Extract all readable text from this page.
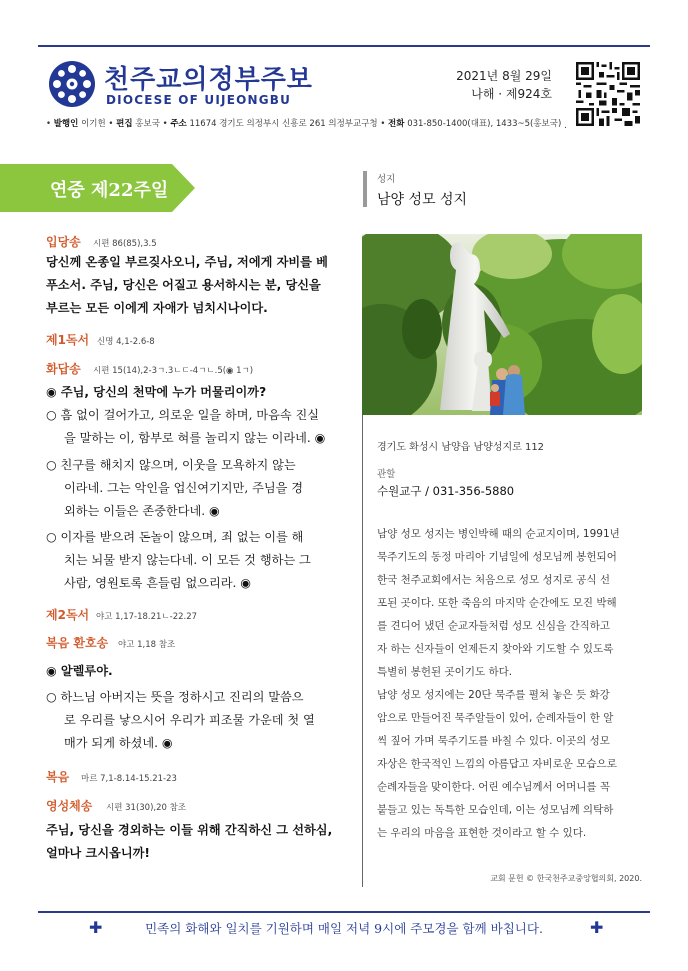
천주교의정부주보
DIOCESE OF UIJEONGBU
2021년 8월 29일
나해 · 제924호
• 발행인 이기헌 • 편집 홍보국 • 주소 11674 경기도 의정부시 신흥로 261 의정부교구청 • 전화 031-850-1400(대표), 1433~5(홍보국) .
연중 제22주일
입당송 시편 86(85),3.5
당신께 온종일 부르짖사오니, 주님, 저에게 자비를 베
푸소서. 주님, 당신은 어질고 용서하시는 분, 당신을
부르는 모든 이에게 자애가 넘치시나이다.
제1독서 신명 4,1-2.6-8
화답송 시편 15(14),2-3ㄱ.3ㄴㄷ-4ㄱㄴ.5(◉ 1ㄱ)
◉ 주님, 당신의 천막에 누가 머물리이까?
○ 흠 없이 걸어가고, 의로운 일을 하며, 마음속 진실
을 말하는 이, 함부로 혀를 놀리지 않는 이라네. ◉
○ 친구를 해치지 않으며, 이웃을 모욕하지 않는
이라네. 그는 악인을 업신여기지만, 주님을 경
외하는 이들은 존중한다네. ◉
○ 이자를 받으려 돈놀이 않으며, 죄 없는 이를 해
치는 뇌물 받지 않는다네. 이 모든 것 행하는 그
사람, 영원토록 흔들림 없으리라. ◉
제2독서 야고 1,17-18.21ㄴ-22.27
복음 환호송 야고 1,18 참조
◉ 알렐루야.
○ 하느님 아버지는 뜻을 정하시고 진리의 말씀으
로 우리를 낳으시어 우리가 피조물 가운데 첫 열
매가 되게 하셨네. ◉
복음 마르 7,1-8.14-15.21-23
영성체송 시편 31(30),20 참조
주님, 당신을 경외하는 이들 위해 간직하신 그 선하심,
얼마나 크시옵니까!
성지
남양 성모 성지
경기도 화성시 남양읍 남양성지로 112
관할
수원교구 / 031-356-5880
남양 성모 성지는 병인박해 때의 순교지이며, 1991년
묵주기도의 동정 마리아 기념일에 성모님께 봉헌되어
한국 천주교회에서는 처음으로 성모 성지로 공식 선
포된 곳이다. 또한 죽음의 마지막 순간에도 모진 박해
를 견디어 냈던 순교자들처럼 성모 신심을 간직하고
자 하는 신자들이 언제든지 찾아와 기도할 수 있도록
특별히 봉헌된 곳이기도 하다.
남양 성모 성지에는 20단 묵주를 펼쳐 놓은 듯 화강
암으로 만들어진 묵주알들이 있어, 순례자들이 한 알
씩 짚어 가며 묵주기도를 바칠 수 있다. 이곳의 성모
자상은 한국적인 느낌의 아름답고 자비로운 모습으로
순례자들을 맞이한다. 어린 예수님께서 어머니를 꼭
붙들고 있는 독특한 모습인데, 이는 성모님께 의탁하
는 우리의 마음을 표현한 것이라고 할 수 있다.
교회 문헌 © 한국천주교중앙협의회, 2020.
✚	민족의 화해와 일치를 기원하며 매일 저녁 9시에 주모경을 함께 바칩니다.	✚
